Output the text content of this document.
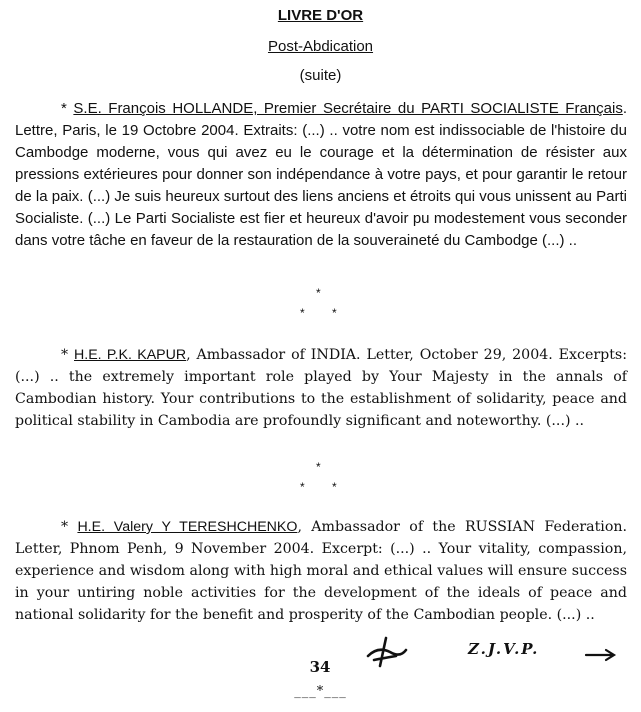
LIVRE D'OR
Post-Abdication
(suite)

* S.E. François HOLLANDE, Premier Secrétaire du PARTI SOCIALISTE Français. Lettre, Paris, le 19 Octobre 2004. Extraits: (...) .. votre nom est indissociable de l'histoire du Cambodge moderne, vous qui avez eu le courage et la détermination de résister aux pressions extérieures pour donner son indépendance à votre pays, et pour garantir le retour de la paix. (...) Je suis heureux surtout des liens anciens et étroits qui vous unissent au Parti Socialiste. (...) Le Parti Socialiste est fier et heureux d'avoir pu modestement vous seconder dans votre tâche en faveur de la restauration de la souveraineté du Cambodge (...) ..

*
* *

* H.E. P.K. KAPUR, Ambassador of INDIA. Letter, October 29, 2004. Excerpts:(...) .. the extremely important role played by Your Majesty in the annals of Cambodian history. Your contributions to the establishment of solidarity, peace and political stability in Cambodia are profoundly significant and noteworthy. (...) ..

*
* *

* H.E. Valery Y TERESHCHENKO, Ambassador of the RUSSIAN Federation. Letter, Phnom Penh, 9 November 2004. Excerpt: (...) .. Your vitality, compassion, experience and wisdom along with high moral and ethical values will ensure success in your untiring noble activities for the development of the ideals of peace and national solidarity for the benefit and prosperity of the Cambodian people. (...) ..

34
Z.J.V.P.
___*___
